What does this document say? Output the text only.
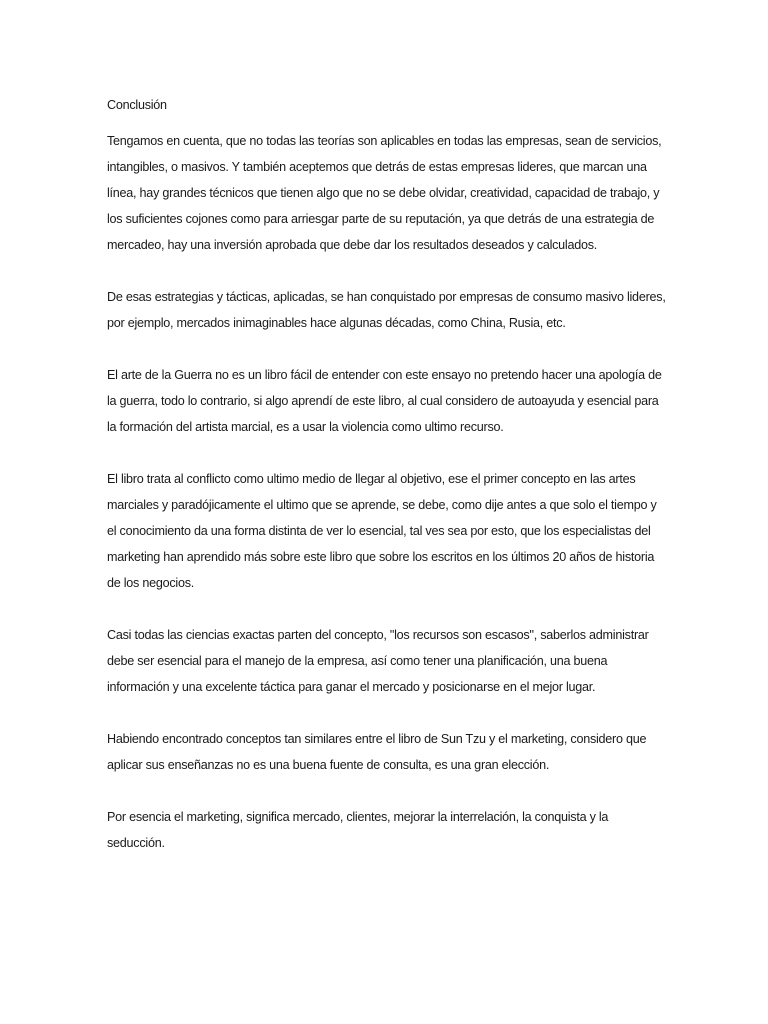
Conclusión

Tengamos en cuenta, que no todas las teorías son aplicables en todas las empresas, sean de servicios, intangibles, o masivos. Y también aceptemos que detrás de estas empresas lideres, que marcan una línea, hay grandes técnicos que tienen algo que no se debe olvidar, creatividad, capacidad de trabajo, y los suficientes cojones como para arriesgar parte de su reputación, ya que detrás de una estrategia de mercadeo, hay una inversión aprobada que debe dar los resultados deseados y calculados.

De esas estrategias y tácticas, aplicadas, se han conquistado por empresas de consumo masivo lideres, por ejemplo, mercados inimaginables hace algunas décadas, como China, Rusia, etc.

El arte de la Guerra no es un libro fácil de entender con este ensayo no pretendo hacer una apología de la guerra, todo lo contrario, si algo aprendí de este libro, al cual considero de autoayuda y esencial para la formación del artista marcial, es a usar la violencia como ultimo recurso.

El libro trata al conflicto como ultimo medio de llegar al objetivo, ese el primer concepto en las artes marciales y paradójicamente el ultimo que se aprende, se debe, como dije antes a que solo el tiempo y el conocimiento da una forma distinta de ver lo esencial, tal ves sea por esto, que los especialistas del marketing han aprendido más sobre este libro que sobre los escritos en los últimos 20 años de historia de los negocios.

Casi todas las ciencias exactas parten del concepto, "los recursos son escasos", saberlos administrar debe ser esencial para el manejo de la empresa, así como tener una planificación, una buena información y una excelente táctica para ganar el mercado y posicionarse en el mejor lugar.

Habiendo encontrado conceptos tan similares entre el libro de Sun Tzu y el marketing, considero que aplicar sus enseñanzas no es una buena fuente de consulta, es una gran elección.

Por esencia el marketing, significa mercado, clientes, mejorar la interrelación, la conquista y la seducción.
